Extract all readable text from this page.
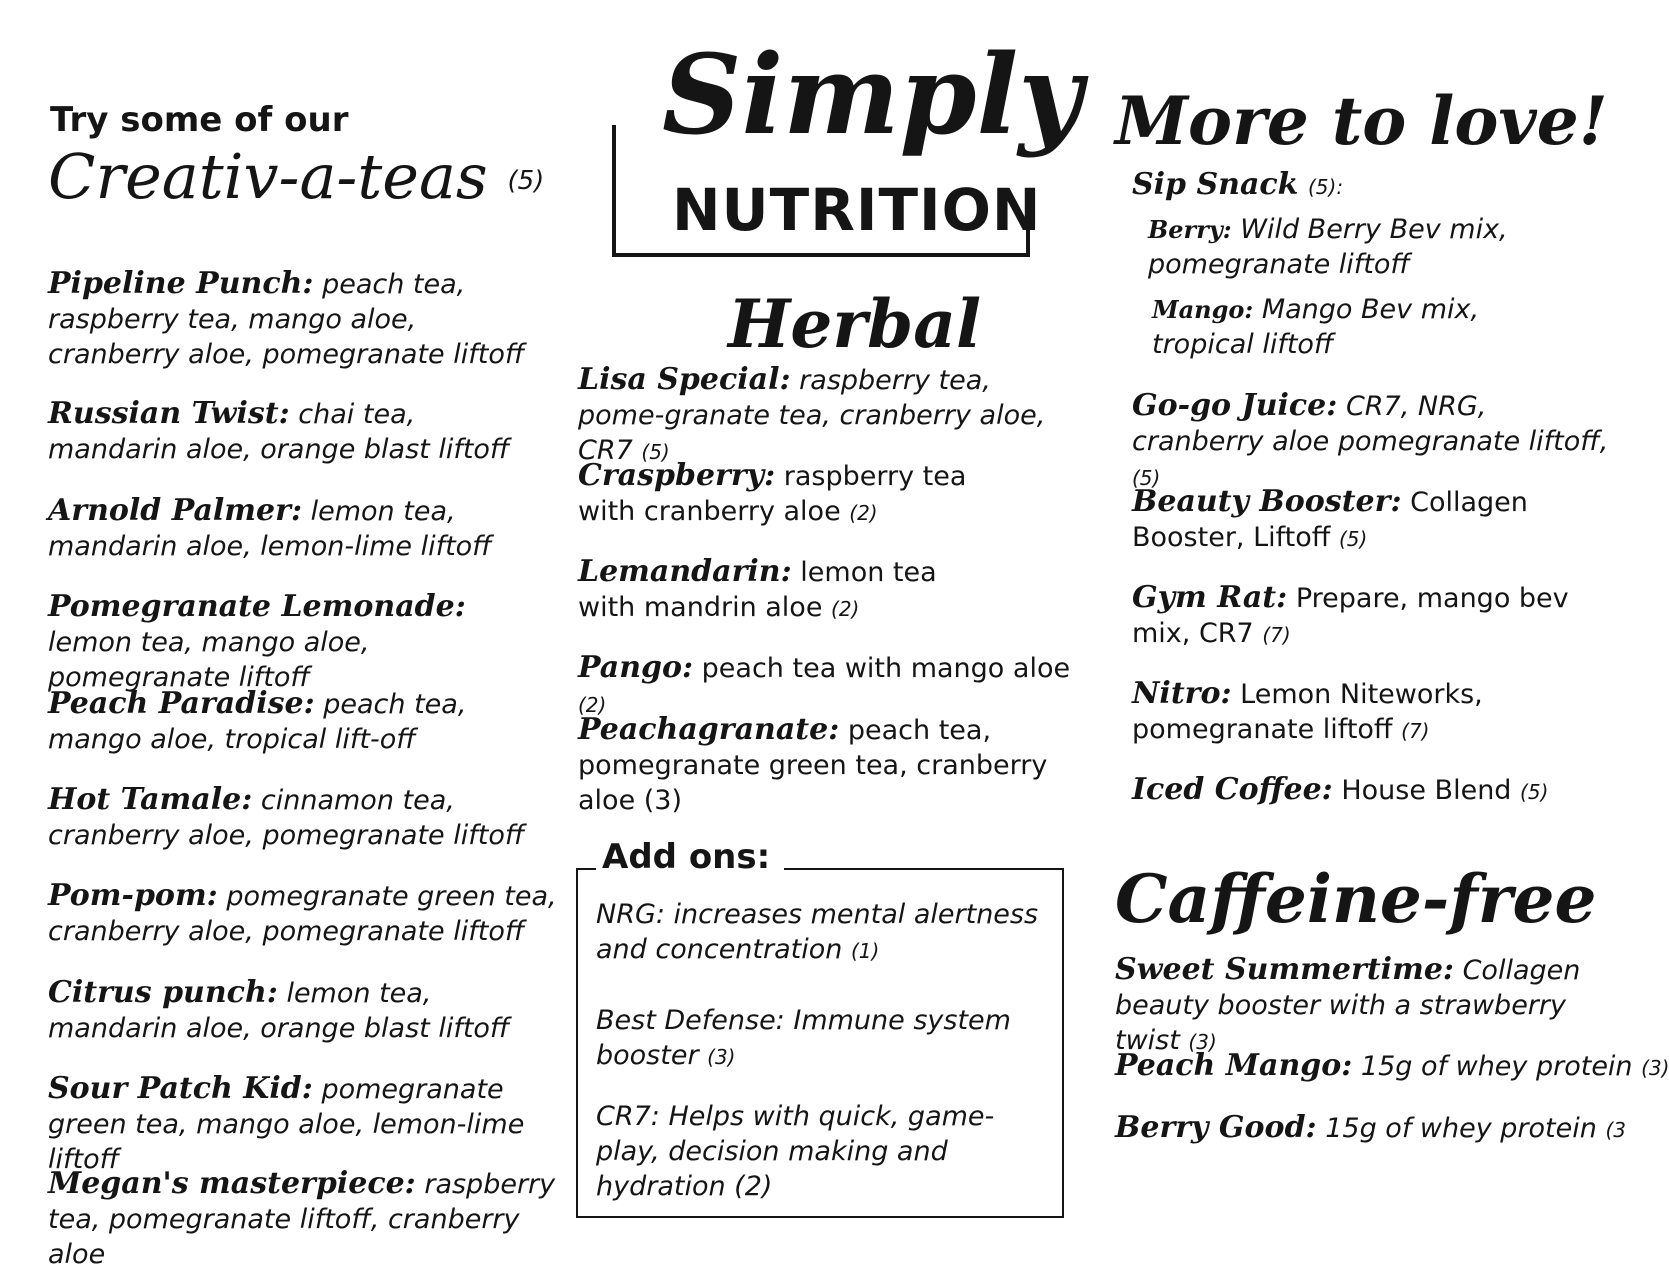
Try some of our
Creativ-a-teas (5)
Pipeline Punch: peach tea, raspberry tea, mango aloe, cranberry aloe, pomegranate liftoff
Russian Twist: chai tea, mandarin aloe, orange blast liftoff
Arnold Palmer: lemon tea, mandarin aloe, lemon-lime liftoff
Pomegranate Lemonade: lemon tea, mango aloe, pomegranate liftoff
Peach Paradise: peach tea, mango aloe, tropical lift-off
Hot Tamale: cinnamon tea, cranberry aloe, pomegranate liftoff
Pom-pom: pomegranate green tea, cranberry aloe, pomegranate liftoff
Citrus punch: lemon tea, mandarin aloe, orange blast liftoff
Sour Patch Kid: pomegranate green tea, mango aloe, lemon-lime liftoff
Megan's masterpiece: raspberry tea, pomegranate liftoff, cranberry aloe
Simply
NUTRITION
Herbal
Lisa Special: raspberry tea, pome-granate tea, cranberry aloe, CR7 (5)
Craspberry: raspberry tea with cranberry aloe (2)
Lemandarin: lemon tea with mandrin aloe (2)
Pango: peach tea with mango aloe (2)
Peachagranate: peach tea, pomegranate green tea, cranberry aloe (3)
Add ons:
NRG: increases mental alertness and concentration (1)
Best Defense: Immune system booster (3)
CR7: Helps with quick, game-play, decision making and hydration (2)
More to love!
Sip Snack (5):
Berry: Wild Berry Bev mix, pomegranate liftoff
Mango: Mango Bev mix, tropical liftoff
Go-go Juice: CR7, NRG, cranberry aloe pomegranate liftoff, (5)
Beauty Booster: Collagen Booster, Liftoff (5)
Gym Rat: Prepare, mango bev mix, CR7 (7)
Nitro: Lemon Niteworks, pomegranate liftoff (7)
Iced Coffee: House Blend (5)
Caffeine-free
Sweet Summertime: Collagen beauty booster with a strawberry twist (3)
Peach Mango: 15g of whey protein (3)
Berry Good: 15g of whey protein (3
